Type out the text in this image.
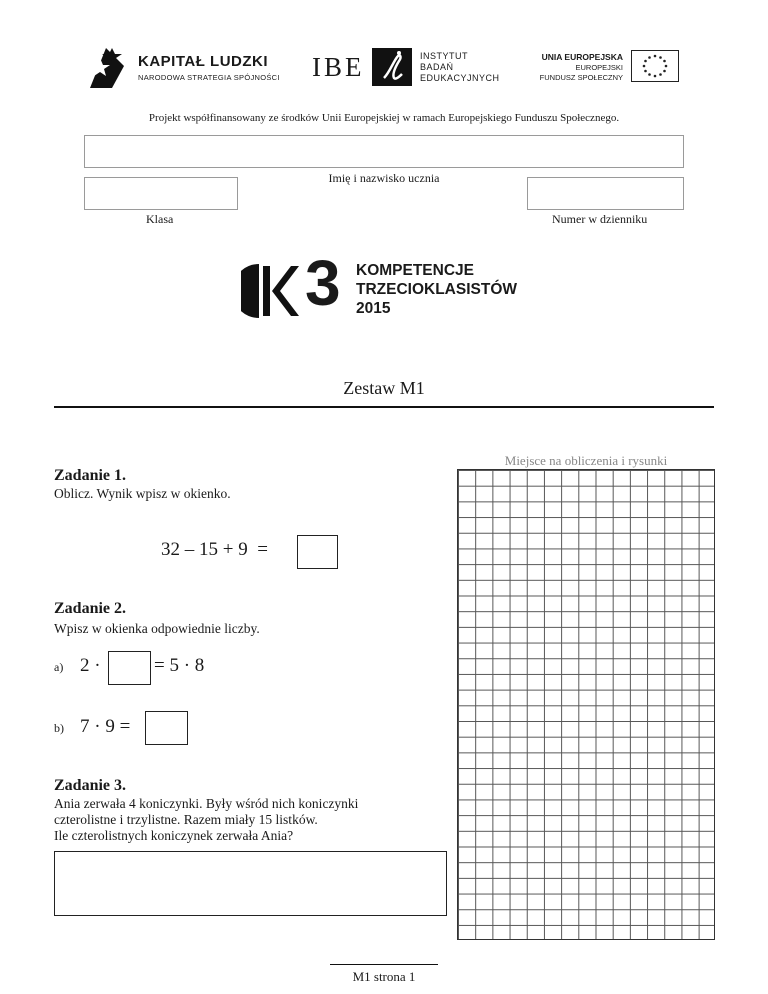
KAPITAŁ LUDZKI
NARODOWA STRATEGIA SPÓJNOŚCI IBE	INSTYTUT
BADAŃ
EDUKACYJNYCH
UNIA EUROPEJSKA
EUROPEJSKI
FUNDUSZ SPOŁECZNY
Projekt współfinansowany ze środków Unii Europejskiej w ramach Europejskiego Funduszu Społecznego.
Imię i nazwisko ucznia
Klasa	Numer w dzienniku
3 KOMPETENCJE
TRZECIOKLASISTÓW
2015
Zestaw M1
Miejsce na obliczenia i rysunki
Zadanie 1.
Oblicz. Wynik wpisz w okienko.
32 – 15 + 9  =
Zadanie 2.
Wpisz w okienka odpowiednie liczby.
a) 2 ·	= 5 · 8
b) 7 · 9 =
Zadanie 3.
Ania zerwała 4 koniczynki. Były wśród nich koniczynki
czterolistne i trzylistne. Razem miały 15 listków.
Ile czterolistnych koniczynek zerwała Ania?
M1 strona 1
